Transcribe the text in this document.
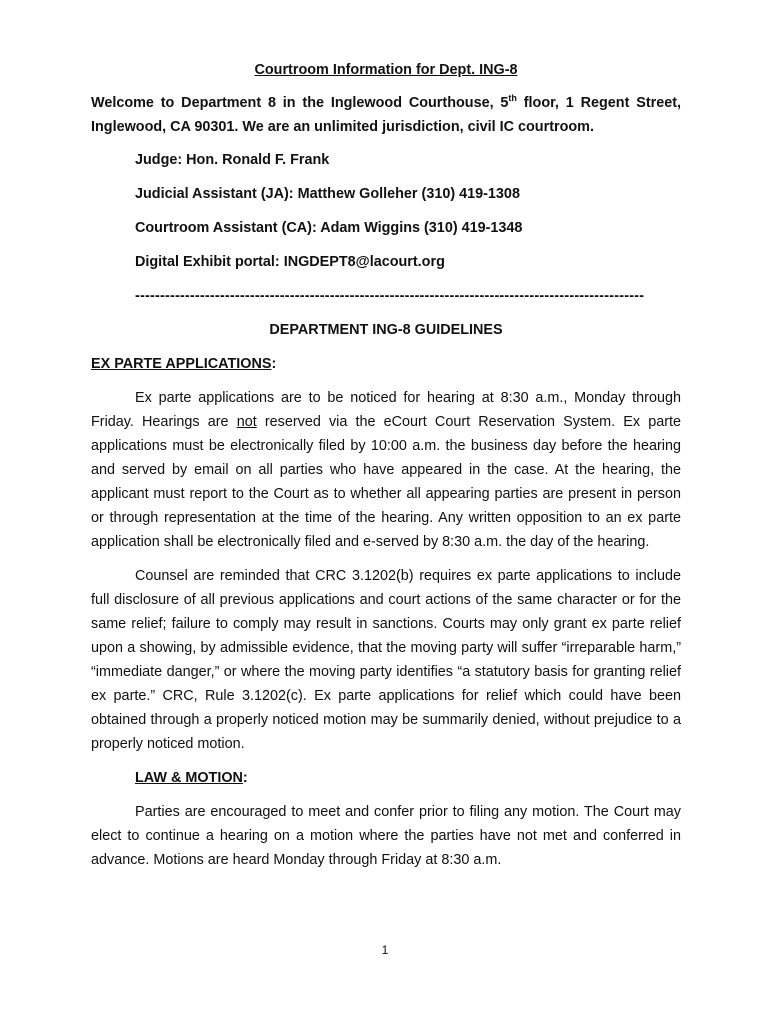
Courtroom Information for Dept. ING-8
Welcome to Department 8 in the Inglewood Courthouse, 5th floor, 1 Regent Street, Inglewood, CA 90301. We are an unlimited jurisdiction, civil IC courtroom.
Judge: Hon. Ronald F. Frank
Judicial Assistant (JA): Matthew Golleher (310) 419-1308
Courtroom Assistant (CA): Adam Wiggins (310) 419-1348
Digital Exhibit portal: INGDEPT8@lacourt.org
------------------------------------------------------------------------------------------------------
DEPARTMENT ING-8 GUIDELINES
EX PARTE APPLICATIONS:
Ex parte applications are to be noticed for hearing at 8:30 a.m., Monday through Friday. Hearings are not reserved via the eCourt Court Reservation System. Ex parte applications must be electronically filed by 10:00 a.m. the business day before the hearing and served by email on all parties who have appeared in the case. At the hearing, the applicant must report to the Court as to whether all appearing parties are present in person or through representation at the time of the hearing. Any written opposition to an ex parte application shall be electronically filed and e-served by 8:30 a.m. the day of the hearing.
Counsel are reminded that CRC 3.1202(b) requires ex parte applications to include full disclosure of all previous applications and court actions of the same character or for the same relief; failure to comply may result in sanctions. Courts may only grant ex parte relief upon a showing, by admissible evidence, that the moving party will suffer “irreparable harm,” “immediate danger,” or where the moving party identifies “a statutory basis for granting relief ex parte.” CRC, Rule 3.1202(c). Ex parte applications for relief which could have been obtained through a properly noticed motion may be summarily denied, without prejudice to a properly noticed motion.
LAW & MOTION:
Parties are encouraged to meet and confer prior to filing any motion. The Court may elect to continue a hearing on a motion where the parties have not met and conferred in advance. Motions are heard Monday through Friday at 8:30 a.m.
1
